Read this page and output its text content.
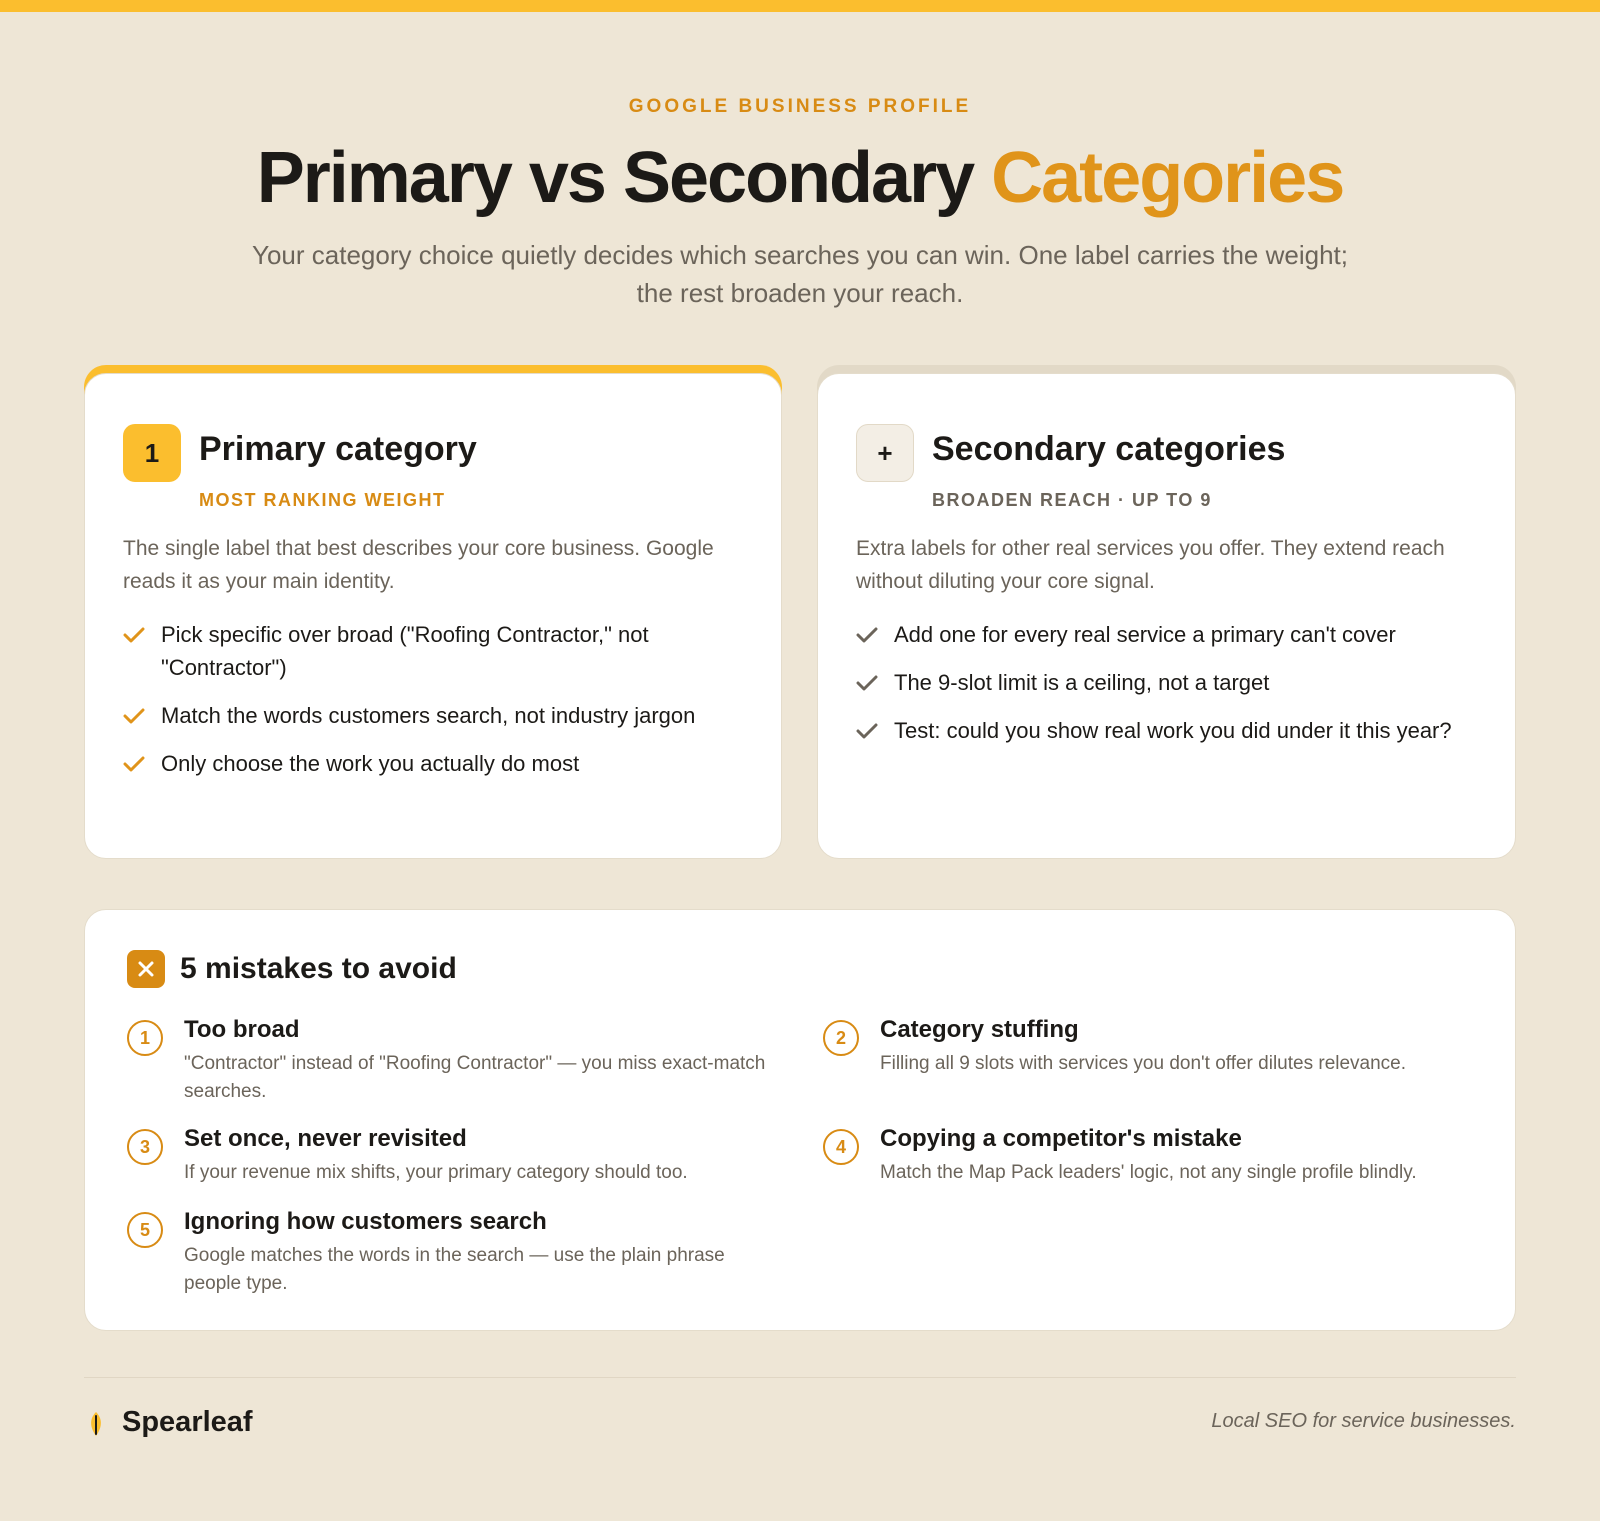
GOOGLE BUSINESS PROFILE
Primary vs Secondary Categories

Your category choice quietly decides which searches you can win. One label carries the weight; the rest broaden your reach.

1	Primary category
MOST RANKING WEIGHT

The single label that best describes your core business. Google reads it as your main identity.

Pick specific over broad ("Roofing Contractor," not "Contractor")
Match the words customers search, not industry jargon
Only choose the work you actually do most
+	Secondary categories
BROADEN REACH · UP TO 9

Extra labels for other real services you offer. They extend reach without diluting your core signal.

Add one for every real service a primary can't cover
The 9-slot limit is a ceiling, not a target
Test: could you show real work you did under it this year?
5 mistakes to avoid
1	Too broad
"Contractor" instead of "Roofing Contractor" — you miss exact-match searches.
2	Category stuffing
Filling all 9 slots with services you don't offer dilutes relevance.
3	Set once, never revisited
If your revenue mix shifts, your primary category should too.
4	Copying a competitor's mistake
Match the Map Pack leaders' logic, not any single profile blindly.
5	Ignoring how customers search
Google matches the words in the search — use the plain phrase people type.
Spearleaf	Local SEO for service businesses.
